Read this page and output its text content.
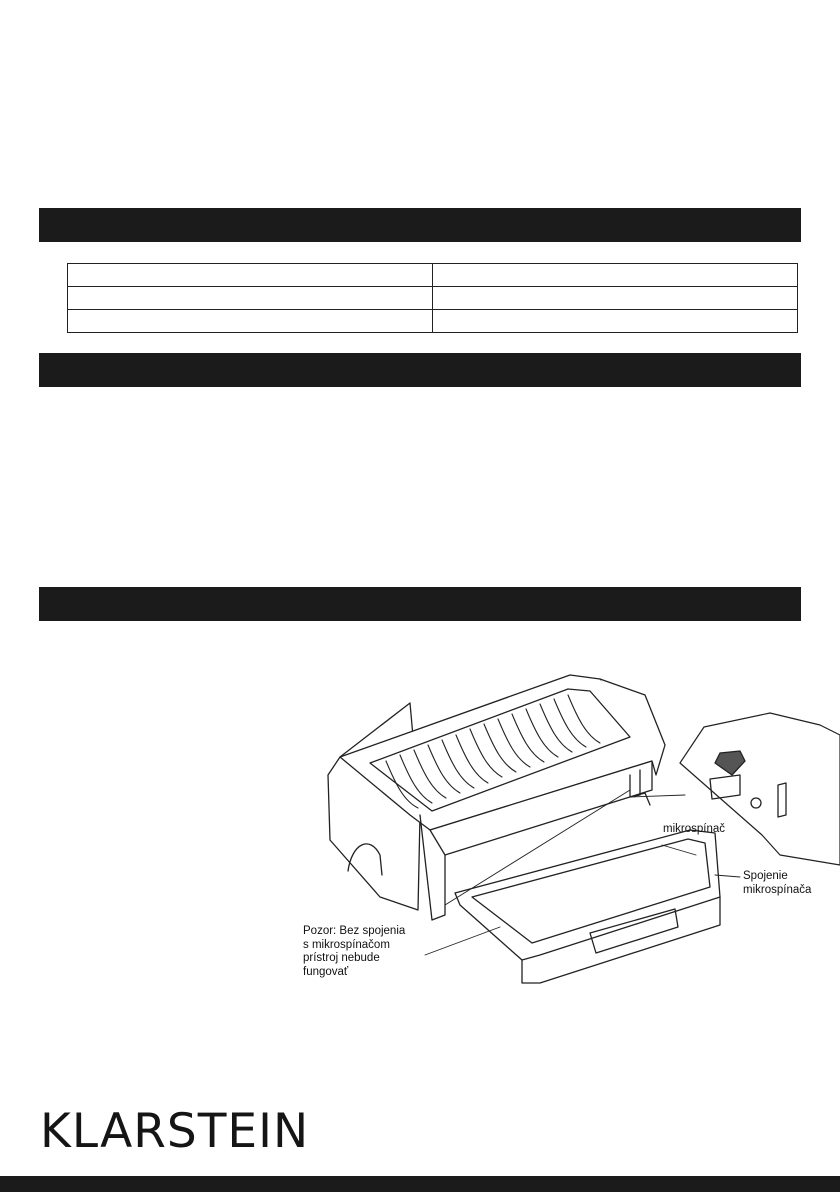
mikrospínač

Spojenie
mikrospínača

Pozor: Bez spojenia
s mikrospínačom
prístroj nebude
fungovať

KLARSTEIN
